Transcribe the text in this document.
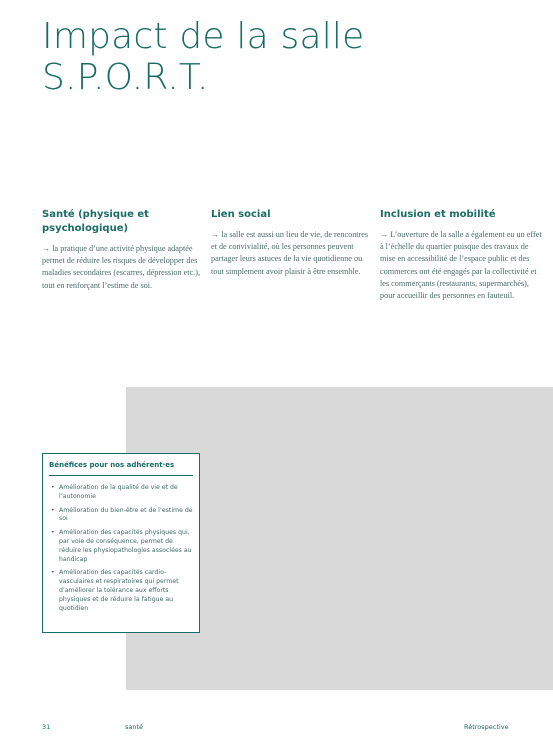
Impact de la salle
S.P.O.R.T.
Santé (physique et psychologique)

→ la pratique d’une activité physique adaptée permet de réduire les risques de développer des maladies secondaires (escarres, dépression etc.), tout en renforçant l’estime de soi.

Lien social

→ la salle est aussi un lieu de vie, de rencontres et de convivialité, où les personnes peuvent partager leurs astuces de la vie quotidienne ou tout simplement avoir plaisir à être ensemble.

Inclusion et mobilité

→ L’ouverture de la salle a également eu un effet à l’échelle du quartier puisque des travaux de mise en accessibilité de l’espace public et des commerces ont été engagés par la collectivité et les commerçants (restaurants, supermarchés), pour accueillir des personnes en fauteuil.

Bénéfices pour nos adhérent·es
• Amélioration de la qualité de vie et de l’autonomie
• Amélioration du bien-être et de l’estime de soi
• Amélioration des capacités physiques qui, par voie de conséquence, permet de réduire les physiopathologies associées au handicap
• Amélioration des capacités cardio-vasculaires et respiratoires qui permet d’améliorer la tolérance aux efforts physiques et de réduire la fatigue au quotidien
31	santé	Rétrospective
